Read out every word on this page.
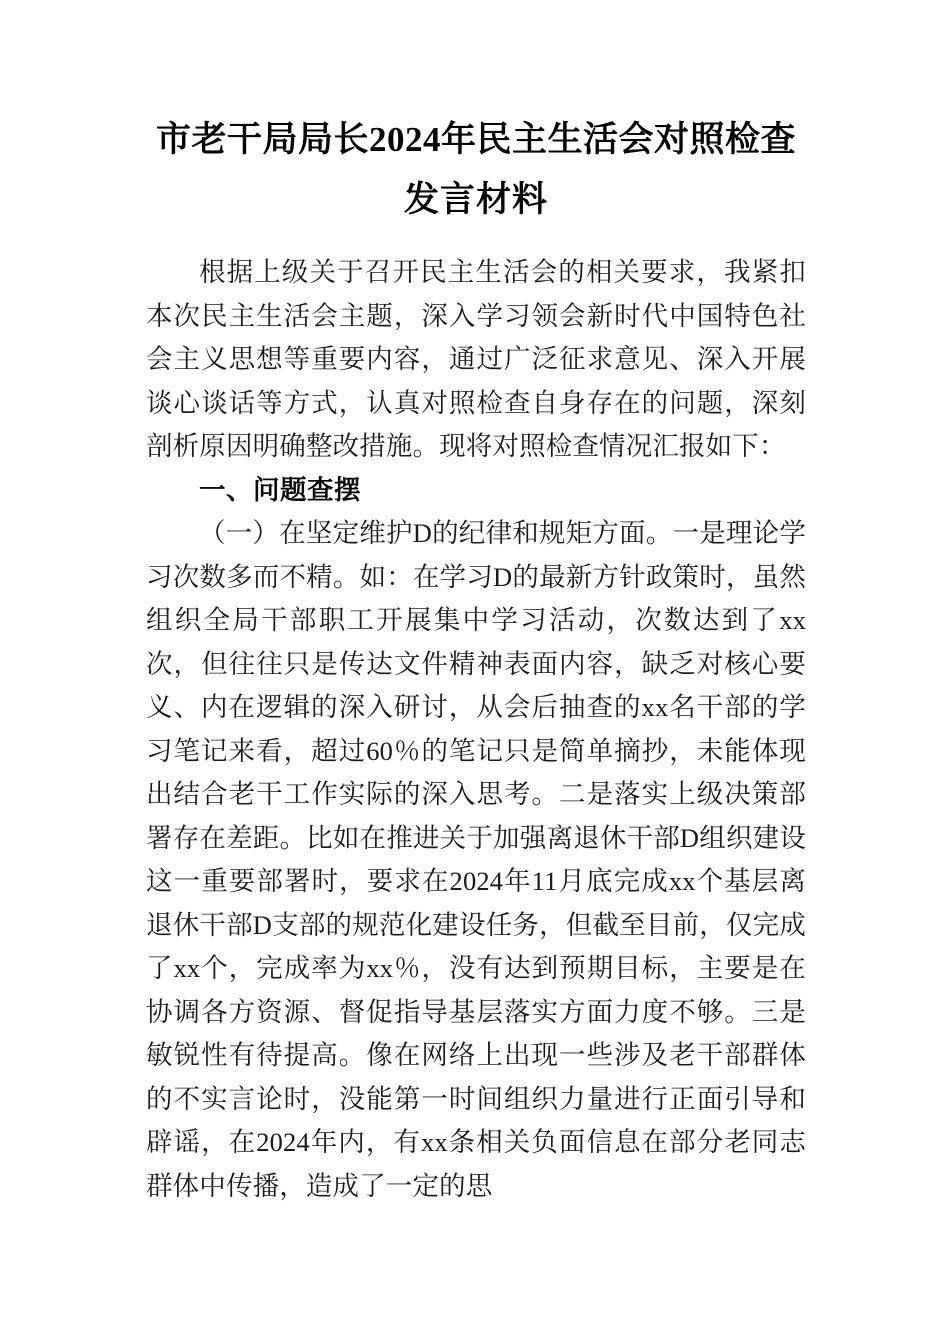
市老干局局长2024年民主生活会对照检查
发言材料

根据上级关于召开民主生活会的相关要求，我紧扣本次民主生活会主题，深入学习领会新时代中国特色社会主义思想等重要内容，通过广泛征求意见、深入开展谈心谈话等方式，认真对照检查自身存在的问题，深刻剖析原因明确整改措施。现将对照检查情况汇报如下：

一、问题查摆

（一）在坚定维护D的纪律和规矩方面。一是理论学习次数多而不精。如：在学习D的最新方针政策时，虽然组织全局干部职工开展集中学习活动，次数达到了xx次，但往往只是传达文件精神表面内容，缺乏对核心要义、内在逻辑的深入研讨，从会后抽查的xx名干部的学习笔记来看，超过60％的笔记只是简单摘抄，未能体现出结合老干工作实际的深入思考。二是落实上级决策部署存在差距。比如在推进关于加强离退休干部D组织建设这一重要部署时，要求在2024年11月底完成xx个基层离退休干部D支部的规范化建设任务，但截至目前，仅完成了xx个，完成率为xx％，没有达到预期目标，主要是在协调各方资源、督促指导基层落实方面力度不够。三是敏锐性有待提高。像在网络上出现一些涉及老干部群体的不实言论时，没能第一时间组织力量进行正面引导和辟谣，在2024年内，有xx条相关负面信息在部分老同志群体中传播，造成了一定的思
